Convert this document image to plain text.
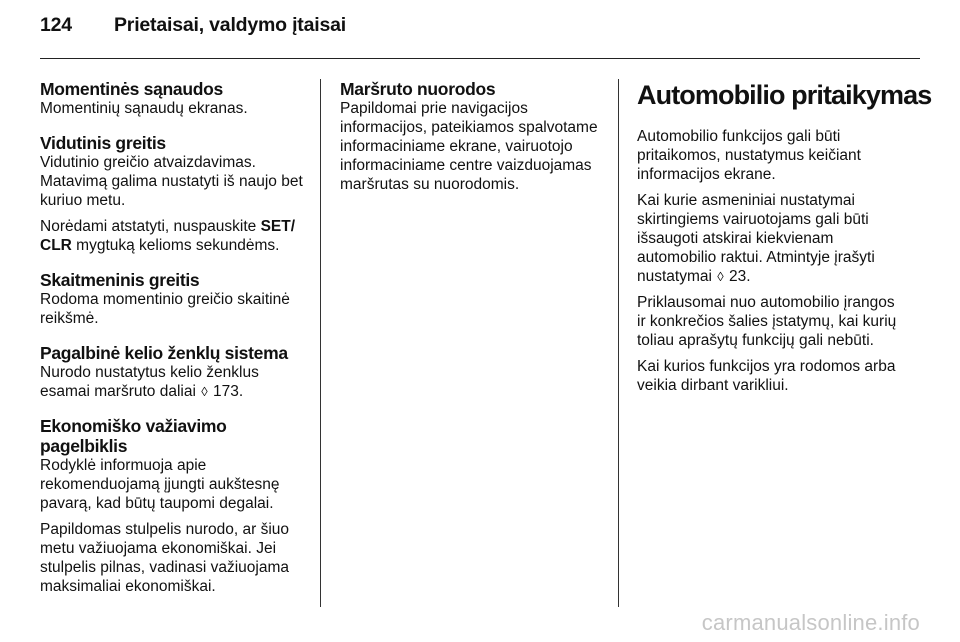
124 Prietaisai, valdymo įtaisai
Momentinės sąnaudos

Momentinių sąnaudų ekranas.

Vidutinis greitis

Vidutinio greičio atvaizdavimas. Matavimą galima nustatyti iš naujo bet kuriuo metu.

Norėdami atstatyti, nuspauskite SET/ CLR mygtuką kelioms sekundėms.

Skaitmeninis greitis

Rodoma momentinio greičio skaitinė reikšmė.

Pagalbinė kelio ženklų sistema

Nurodo nustatytus kelio ženklus esamai maršruto daliai ◊ 173.

Ekonomiško važiavimo pagelbiklis

Rodyklė informuoja apie rekomenduojamą įjungti aukštesnę pavarą, kad būtų taupomi degalai.

Papildomas stulpelis nurodo, ar šiuo metu važiuojama ekonomiškai. Jei stulpelis pilnas, vadinasi važiuojama maksimaliai ekonomiškai.

Maršruto nuorodos

Papildomai prie navigacijos informacijos, pateikiamos spalvotame informaciniame ekrane, vairuotojo informaciniame centre vaizduojamas maršrutas su nuorodomis.

Automobilio pritaikymas

Automobilio funkcijos gali būti pritaikomos, nustatymus keičiant informacijos ekrane.

Kai kurie asmeniniai nustatymai skirtingiems vairuotojams gali būti išsaugoti atskirai kiekvienam automobilio raktui. Atmintyje įrašyti nustatymai ◊ 23.

Priklausomai nuo automobilio įrangos ir konkrečios šalies įstatymų, kai kurių toliau aprašytų funkcijų gali nebūti.

Kai kurios funkcijos yra rodomos arba veikia dirbant varikliui.

carmanualsonline.info
